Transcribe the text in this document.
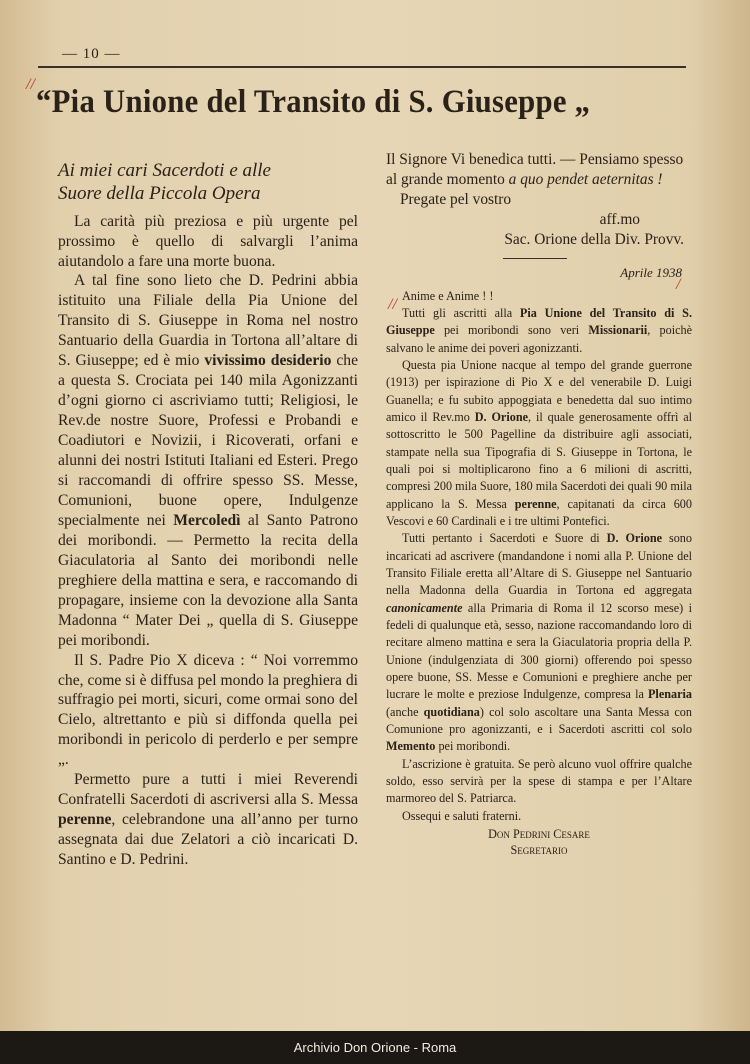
— 10 —
// “Pia Unione del Transito di S. Giuseppe „
Ai miei cari Sacerdoti e alle
Suore della Piccola Opera

La carità più preziosa e più urgente pel prossimo è quello di salvargli l’anima aiutandolo a fare una morte buona.

A tal fine sono lieto che D. Pedrini abbia istituito una Filiale della Pia Unione del Transito di S. Giuseppe in Roma nel nostro Santuario della Guardia in Tortona all’altare di S. Giuseppe; ed è mio vivissimo desiderio che a questa S. Crociata pei 140 mila Agonizzanti d’ogni giorno ci ascriviamo tutti; Religiosi, le Rev.de nostre Suore, Professi e Probandi e Coadiutori e Novizii, i Ricoverati, orfani e alunni dei nostri Istituti Italiani ed Esteri. Prego si raccomandi di offrire spesso SS. Messe, Comunioni, buone opere, Indulgenze specialmente nei Mercoledì al Santo Patrono dei moribondi. — Permetto la recita della Giaculatoria al Santo dei moribondi nelle preghiere della mattina e sera, e raccomando di propagare, insieme con la devozione alla Santa Madonna “ Mater Dei „ quella di S. Giuseppe pei moribondi.

Il S. Padre Pio X diceva : “ Noi vorremmo che, come si è diffusa pel mondo la preghiera di suffragio pei morti, sicuri, come ormai sono del Cielo, altrettanto e più si diffonda quella pei moribondi in pericolo di perderlo e per sempre „.

Permetto pure a tutti i miei Reverendi Confratelli Sacerdoti di ascriversi alla S. Messa perenne, celebrandone una all’anno per turno assegnata dai due Zelatori a ciò incaricati D. Santino e D. Pedrini.

Il Signore Vi benedica tutti. — Pensiamo spesso al grande momento a quo pendet aeternitas !

Pregate pel vostro

aff.mo

Sac. Orione della Div. Provv.

Aprile 1938

Anime e Anime ! !

Tutti gli ascritti alla Pia Unione del Transito di S. Giuseppe pei moribondi sono veri Missionarii, poichè salvano le anime dei poveri agonizzanti.

Questa pia Unione nacque al tempo del grande guerrone (1913) per ispirazione di Pio X e del venerabile D. Luigi Guanella; e fu subito appoggiata e benedetta dal suo intimo amico il Rev.mo D. Orione, il quale generosamente offrì al sottoscritto le 500 Pagelline da distribuire agli associati, stampate nella sua Tipografia di S. Giuseppe in Tortona, le quali poi si moltiplicarono fino a 6 milioni di ascritti, compresi 200 mila Suore, 180 mila Sacerdoti dei quali 90 mila applicano la S. Messa perenne, capitanati da circa 600 Vescovi e 60 Cardinali e i tre ultimi Pontefici.

Tutti pertanto i Sacerdoti e Suore di D. Orione sono incaricati ad ascrivere (mandandone i nomi alla P. Unione del Transito Filiale eretta all’Altare di S. Giuseppe nel Santuario nella Madonna della Guardia in Tortona ed aggregata canonicamente alla Primaria di Roma il 12 scorso mese) i fedeli di qualunque età, sesso, nazione raccomandando loro di recitare almeno mattina e sera la Giaculatoria propria della P. Unione (indulgenziata di 300 giorni) offerendo poi spesso opere buone, SS. Messe e Comunioni e preghiere anche per lucrare le molte e preziose Indulgenze, compresa la Plenaria (anche quotidiana) col solo ascoltare una Santa Messa con Comunione pro agonizzanti, e i Sacerdoti ascritti col solo Memento pei moribondi.

L’ascrizione è gratuita. Se però alcuno vuol offrire qualche soldo, esso servirà per la spese di stampa e per l’Altare marmoreo del S. Patriarca.

Ossequi e saluti fraterni.

Don Pedrini Cesare

Segretario

//
/
Archivio Don Orione - Roma
